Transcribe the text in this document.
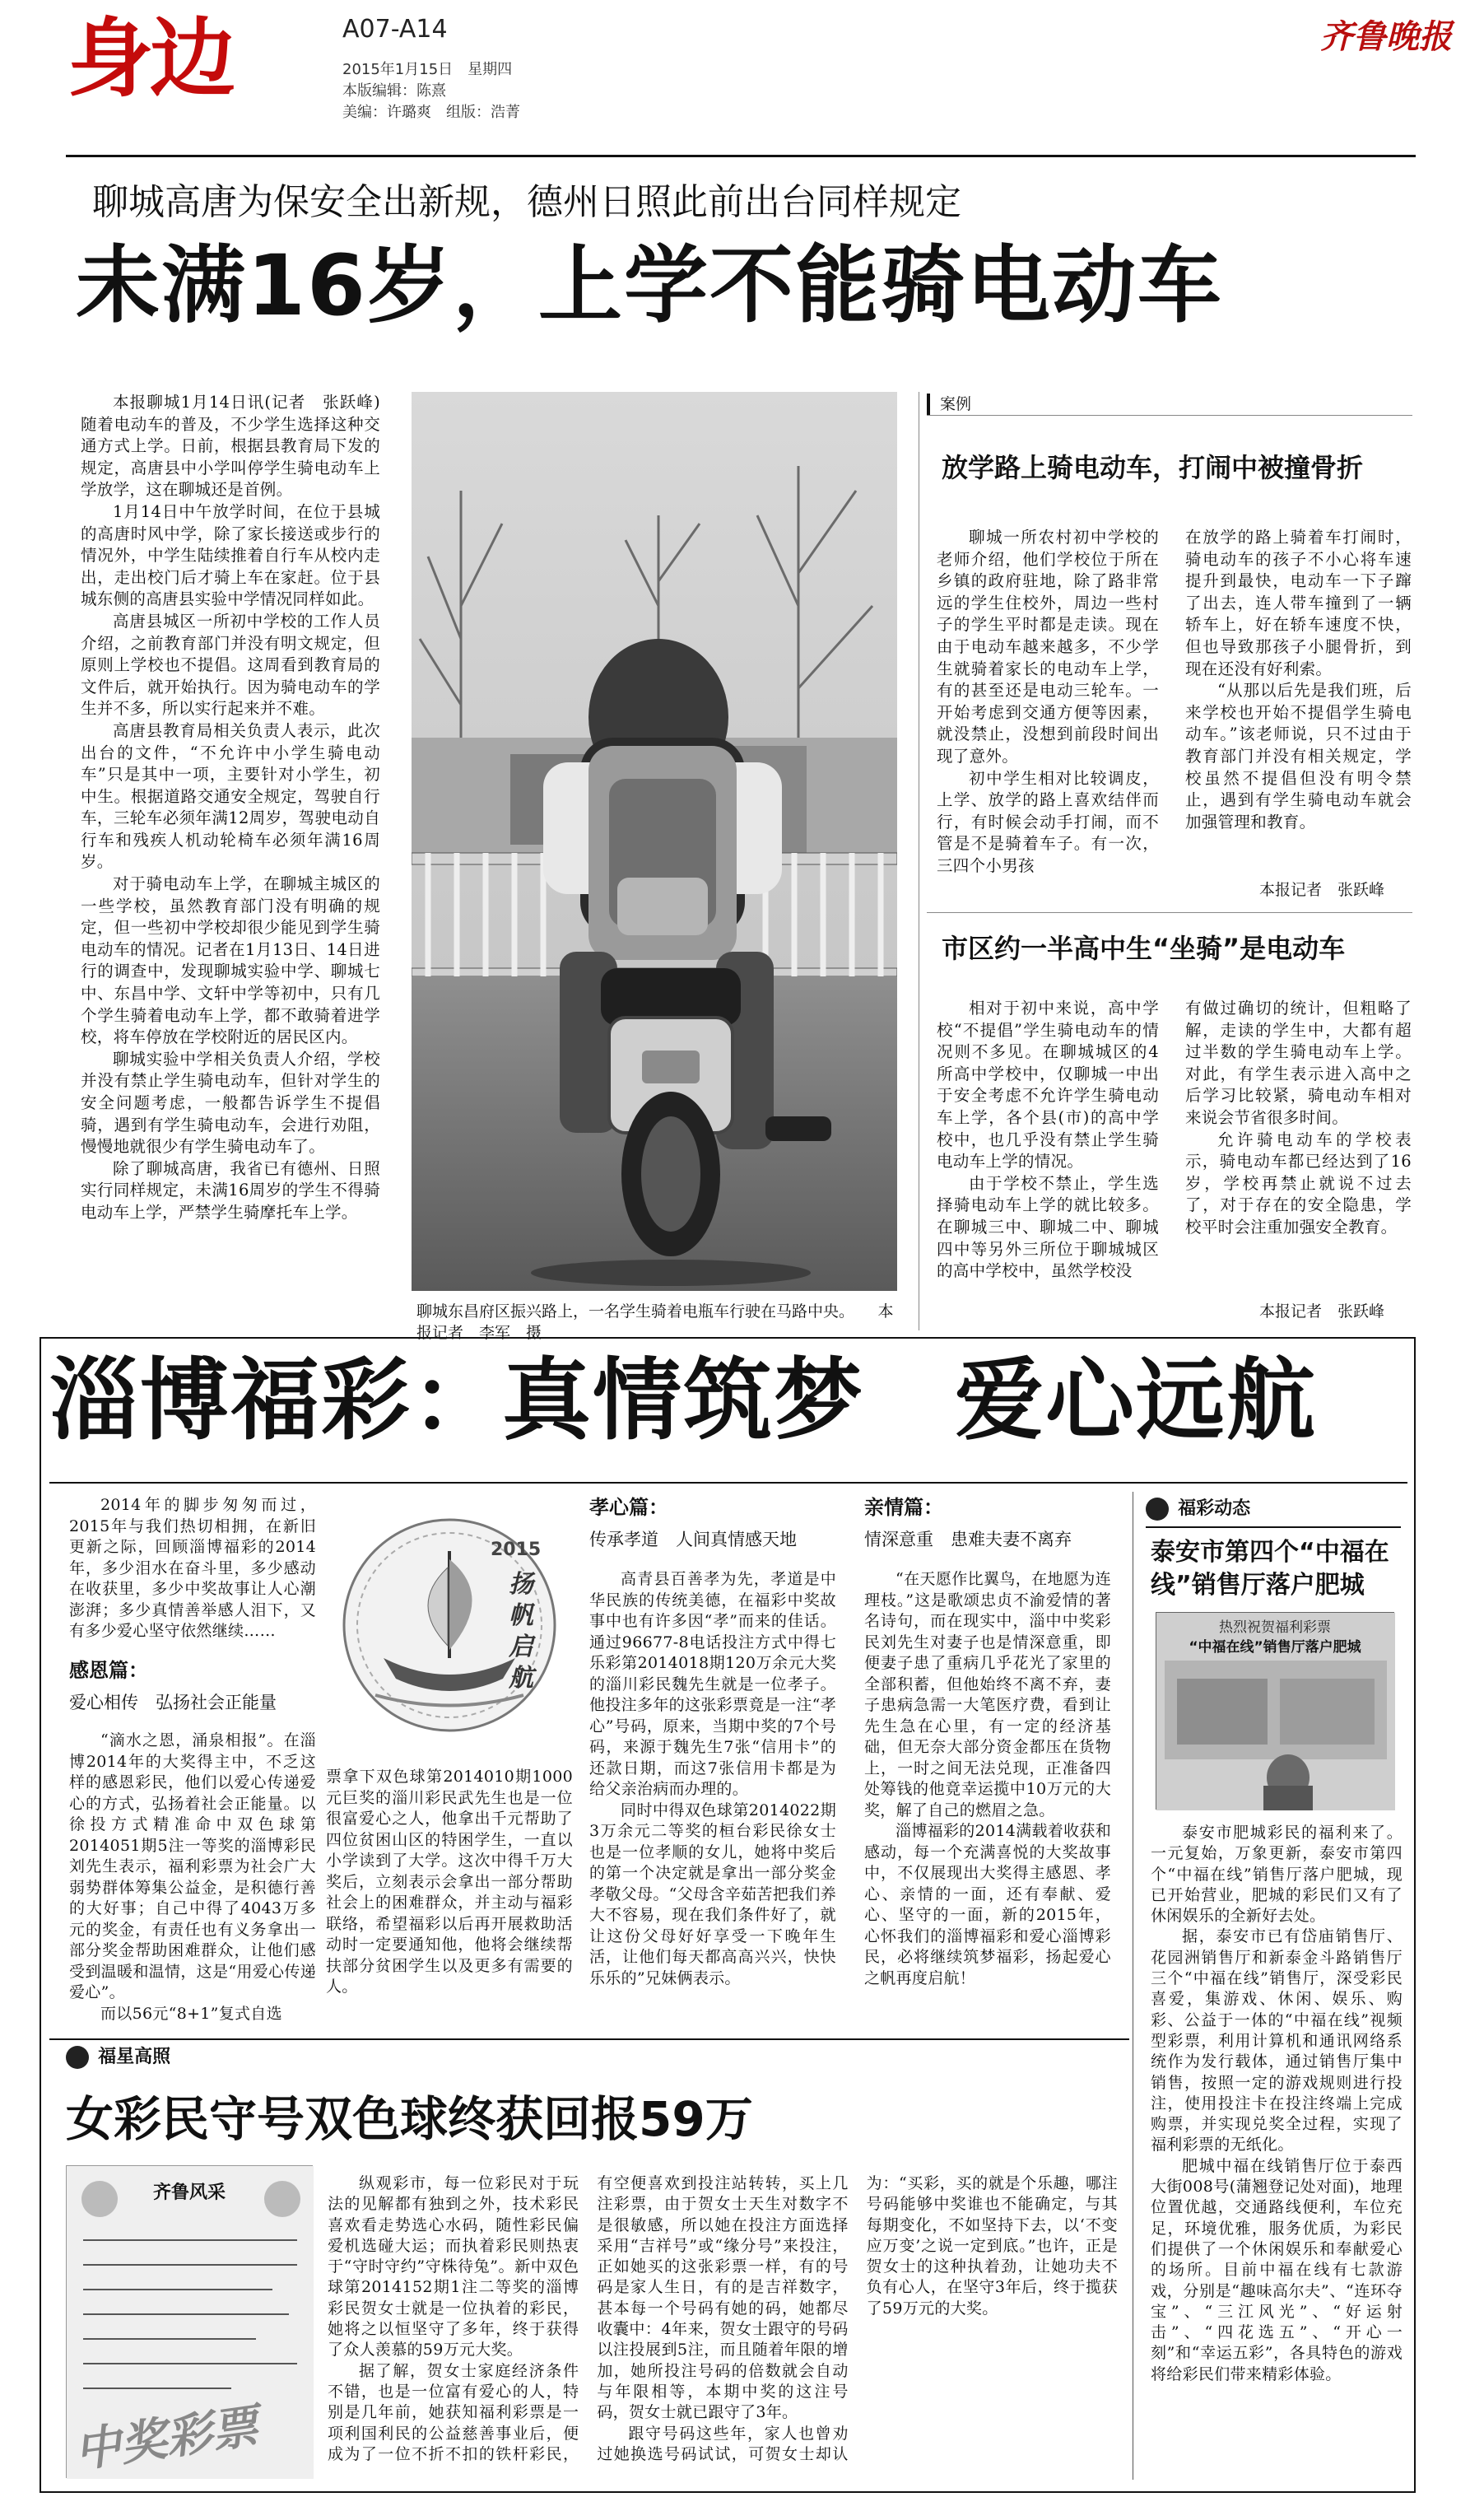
身边	A07-A14
2015年1月15日　星期四
本版编辑：陈熹
美编：许璐爽　组版：浩菁
齐鲁晚报
聊城高唐为保安全出新规，德州日照此前出台同样规定
未满16岁，上学不能骑电动车

本报聊城1月14日讯(记者　张跃峰)　随着电动车的普及，不少学生选择这种交通方式上学。日前，根据县教育局下发的规定，高唐县中小学叫停学生骑电动车上学放学，这在聊城还是首例。

1月14日中午放学时间，在位于县城的高唐时风中学，除了家长接送或步行的情况外，中学生陆续推着自行车从校内走出，走出校门后才骑上车在家赶。位于县城东侧的高唐县实验中学情况同样如此。

高唐县城区一所初中学校的工作人员介绍，之前教育部门并没有明文规定，但原则上学校也不提倡。这周看到教育局的文件后，就开始执行。因为骑电动车的学生并不多，所以实行起来并不难。

高唐县教育局相关负责人表示，此次出台的文件，“不允许中小学生骑电动车”只是其中一项，主要针对小学生，初中生。根据道路交通安全规定，驾驶自行车，三轮车必须年满12周岁，驾驶电动自行车和残疾人机动轮椅车必须年满16周岁。

对于骑电动车上学，在聊城主城区的一些学校，虽然教育部门没有明确的规定，但一些初中学校却很少能见到学生骑电动车的情况。记者在1月13日、14日进行的调查中，发现聊城实验中学、聊城七中、东昌中学、文轩中学等初中，只有几个学生骑着电动车上学，都不敢骑着进学校，将车停放在学校附近的居民区内。

聊城实验中学相关负责人介绍，学校并没有禁止学生骑电动车，但针对学生的安全问题考虑，一般都告诉学生不提倡骑，遇到有学生骑电动车，会进行劝阻，慢慢地就很少有学生骑电动车了。

除了聊城高唐，我省已有德州、日照实行同样规定，未满16周岁的学生不得骑电动车上学，严禁学生骑摩托车上学。

聊城东昌府区振兴路上，一名学生骑着电瓶车行驶在马路中央。　　本报记者　李军　摄
案例
放学路上骑电动车，打闹中被撞骨折

聊城一所农村初中学校的老师介绍，他们学校位于所在乡镇的政府驻地，除了路非常远的学生住校外，周边一些村子的学生平时都是走读。现在由于电动车越来越多，不少学生就骑着家长的电动车上学，有的甚至还是电动三轮车。一开始考虑到交通方便等因素，就没禁止，没想到前段时间出现了意外。

初中学生相对比较调皮，上学、放学的路上喜欢结伴而行，有时候会动手打闹，而不管是不是骑着车子。有一次，三四个小男孩

在放学的路上骑着车打闹时，骑电动车的孩子不小心将车速提升到最快，电动车一下子蹿了出去，连人带车撞到了一辆轿车上，好在轿车速度不快，但也导致那孩子小腿骨折，到现在还没有好利索。

“从那以后先是我们班，后来学校也开始不提倡学生骑电动车。”该老师说，只不过由于教育部门并没有相关规定，学校虽然不提倡但没有明令禁止，遇到有学生骑电动车就会加强管理和教育。

本报记者　张跃峰
市区约一半高中生“坐骑”是电动车

相对于初中来说，高中学校“不提倡”学生骑电动车的情况则不多见。在聊城城区的4所高中学校中，仅聊城一中出于安全考虑不允许学生骑电动车上学，各个县(市)的高中学校中，也几乎没有禁止学生骑电动车上学的情况。

由于学校不禁止，学生选择骑电动车上学的就比较多。在聊城三中、聊城二中、聊城四中等另外三所位于聊城城区的高中学校中，虽然学校没

有做过确切的统计，但粗略了解，走读的学生中，大都有超过半数的学生骑电动车上学。对此，有学生表示进入高中之后学习比较紧，骑电动车相对来说会节省很多时间。

允许骑电动车的学校表示，骑电动车都已经达到了16岁，学校再禁止就说不过去了，对于存在的安全隐患，学校平时会注重加强安全教育。

本报记者　张跃峰
淄博福彩：真情筑梦　爱心远航

2014年的脚步匆匆而过，2015年与我们热切相拥，在新旧更新之际，回顾淄博福彩的2014年，多少泪水在奋斗里，多少感动在收获里，多少中奖故事让人心潮澎湃；多少真情善举感人泪下，又有多少爱心坚守依然继续……

感恩篇：
爱心相传　弘扬社会正能量

“滴水之恩，涌泉相报”。在淄博2014年的大奖得主中，不乏这样的感恩彩民，他们以爱心传递爱心的方式，弘扬着社会正能量。以徐投方式精准命中双色球第2014051期5注一等奖的淄博彩民刘先生表示，福利彩票为社会广大弱势群体筹集公益金，是积德行善的大好事；自己中得了4043万多元的奖金，有责任也有义务拿出一部分奖金帮助困难群众，让他们感受到温暖和温情，这是“用爱心传递爱心”。

而以56元“8+1”复式自选

2015
扬帆启航

票拿下双色球第2014010期1000元巨奖的淄川彩民武先生也是一位很富爱心之人，他拿出千元帮助了四位贫困山区的特困学生，一直以小学读到了大学。这次中得千万大奖后，立刻表示会拿出一部分帮助社会上的困难群众，并主动与福彩联络，希望福彩以后再开展救助活动时一定要通知他，他将会继续帮扶部分贫困学生以及更多有需要的人。

孝心篇：
传承孝道　人间真情感天地

高青县百善孝为先，孝道是中华民族的传统美德，在福彩中奖故事中也有许多因“孝”而来的佳话。通过96677-8电话投注方式中得七乐彩第2014018期120万余元大奖的淄川彩民魏先生就是一位孝子。他投注多年的这张彩票竟是一注“孝心”号码，原来，当期中奖的7个号码，来源于魏先生7张“信用卡”的还款日期，而这7张信用卡都是为给父亲治病而办理的。

同时中得双色球第2014022期3万余元二等奖的桓台彩民徐女士也是一位孝顺的女儿，她将中奖后的第一个决定就是拿出一部分奖金孝敬父母。“父母含辛茹苦把我们养大不容易，现在我们条件好了，就让这份父母好好享受一下晚年生活，让他们每天都高高兴兴，快快乐乐的”兄妹俩表示。

亲情篇：
情深意重　患难夫妻不离弃

“在天愿作比翼鸟，在地愿为连理枝。”这是歌颂忠贞不渝爱情的著名诗句，而在现实中，淄中中奖彩民刘先生对妻子也是情深意重，即便妻子患了重病几乎花光了家里的全部积蓄，但他始终不离不弃，妻子患病急需一大笔医疗费，看到让先生急在心里，有一定的经济基础，但无奈大部分资金都压在货物上，一时之间无法兑现，正准备四处筹钱的他竟幸运揽中10万元的大奖，解了自己的燃眉之急。

淄博福彩的2014满载着收获和感动，每一个充满喜悦的大奖故事中，不仅展现出大奖得主感恩、孝心、亲情的一面，还有奉献、爱心、坚守的一面，新的2015年，心怀我们的淄博福彩和爱心淄博彩民，必将继续筑梦福彩，扬起爱心之帆再度启航！

福彩动态
泰安市第四个“中福在线”销售厅落户肥城
热烈祝贺福利彩票
“中福在线”销售厅落户肥城

泰安市肥城彩民的福利来了。一元复始，万象更新，泰安市第四个“中福在线”销售厅落户肥城，现已开始营业，肥城的彩民们又有了休闲娱乐的全新好去处。

据，泰安市已有岱庙销售厅、花园洲销售厅和新泰金斗路销售厅三个“中福在线”销售厅，深受彩民喜爱，集游戏、休闲、娱乐、购彩、公益于一体的“中福在线”视频型彩票，利用计算机和通讯网络系统作为发行载体，通过销售厅集中销售，按照一定的游戏规则进行投注，使用投注卡在投注终端上完成购票，并实现兑奖全过程，实现了福利彩票的无纸化。

肥城中福在线销售厅位于泰西大街008号(蒲翘登记处对面)，地理位置优越，交通路线便利，车位充足，环境优雅，服务优质，为彩民们提供了一个休闲娱乐和奉献爱心的场所。目前中福在线有七款游戏，分别是“趣味高尔夫”、“连环夺宝”、“三江风光”、“好运射击”、“四花选五”、“开心一刻”和“幸运五彩”，各具特色的游戏将给彩民们带来精彩体验。

福星高照
女彩民守号双色球终获回报59万
齐鲁风采
中奖彩票

纵观彩市，每一位彩民对于玩法的见解都有独到之外，技术彩民喜欢看走势选心水码，随性彩民偏爱机选碰大运；而执着彩民则热衷于“守时守约”守株待兔”。新中双色球第2014152期1注二等奖的淄博彩民贺女士就是一位执着的彩民，她将之以恒坚守了多年，终于获得了众人羡慕的59万元大奖。

据了解，贺女士家庭经济条件不错，也是一位富有爱心的人，特别是几年前，她获知福利彩票是一项利国利民的公益慈善事业后，便成为了一位不折不扣的铁杆彩民，有空便喜欢到投注站转转，买上几注彩票，由于贺女士天生对数字不是很敏感，所以她在投注方面选择采用“吉祥号”或“缘分号”来投注，正如她买的这张彩票一样，有的号码是家人生日，有的是吉祥数字，甚本每一个号码有她的码，她都尽收囊中：4年来，贺女士跟守的号码以注投展到5注，而且随着年限的增加，她所投注号码的倍数就会自动与年限相等，本期中奖的这注号码，贺女士就已跟守了3年。

跟守号码这些年，家人也曾劝过她换选号码试试，可贺女士却认为：“买彩，买的就是个乐趣，哪注号码能够中奖谁也不能确定，与其每期变化，不如坚持下去，以‘不变应万变’之说一定到底。”也许，正是贺女士的这种执着劲，让她功夫不负有心人，在坚守3年后，终于揽获了59万元的大奖。
